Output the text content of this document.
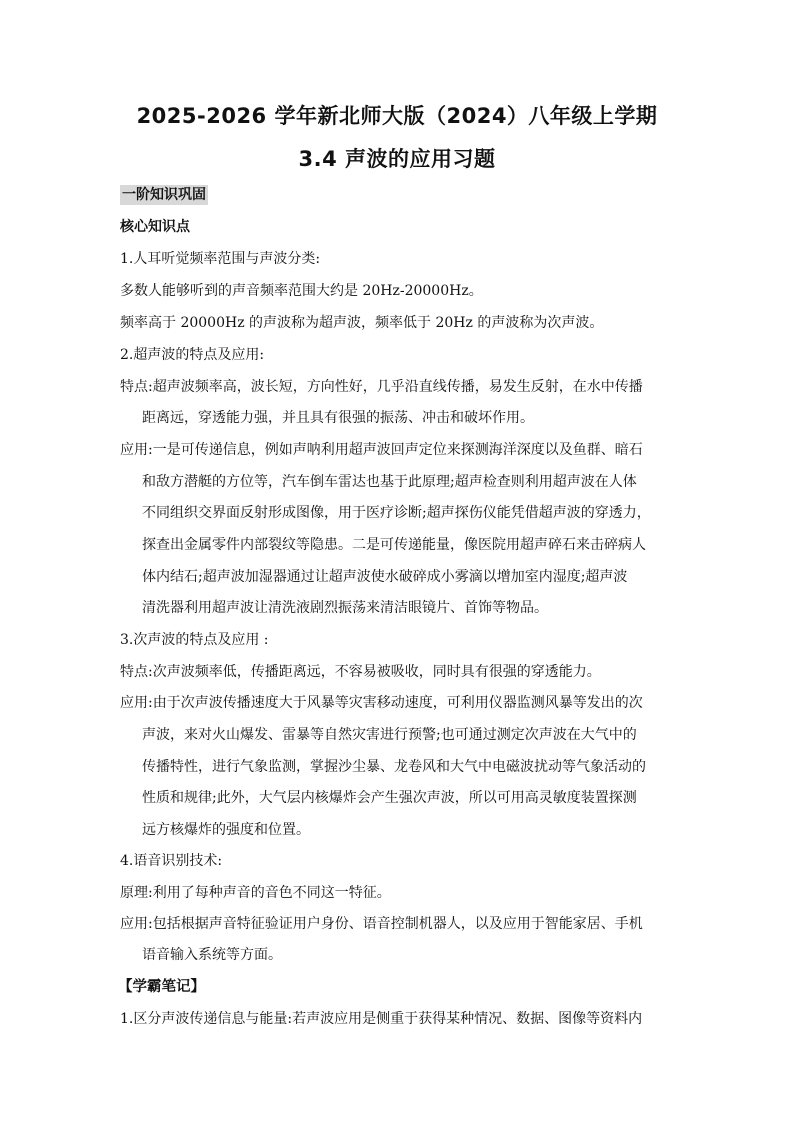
2025-2026 学年新北师大版（2024）八年级上学期
3.4 声波的应用习题
一阶知识巩固
核心知识点
1.人耳听觉频率范围与声波分类:
多数人能够听到的声音频率范围大约是 20Hz-20000Hz。
频率高于 20000Hz 的声波称为超声波，频率低于 20Hz 的声波称为次声波。
2.超声波的特点及应用:
特点:超声波频率高，波长短，方向性好，几乎沿直线传播，易发生反射，在水中传播
距离远，穿透能力强，并且具有很强的振荡、冲击和破坏作用。
应用:一是可传递信息，例如声呐利用超声波回声定位来探测海洋深度以及鱼群、暗石
和敌方潜艇的方位等，汽车倒车雷达也基于此原理;超声检查则利用超声波在人体
不同组织交界面反射形成图像，用于医疗诊断;超声探伤仪能凭借超声波的穿透力，
探查出金属零件内部裂纹等隐患。二是可传递能量，像医院用超声碎石来击碎病人
体内结石;超声波加湿器通过让超声波使水破碎成小雾滴以增加室内湿度;超声波
清洗器利用超声波让清洗液剧烈振荡来清洁眼镜片、首饰等物品。
3.次声波的特点及应用 :
特点:次声波频率低，传播距离远，不容易被吸收，同时具有很强的穿透能力。
应用:由于次声波传播速度大于风暴等灾害移动速度，可利用仪器监测风暴等发出的次
声波，来对火山爆发、雷暴等自然灾害进行预警;也可通过测定次声波在大气中的
传播特性，进行气象监测，掌握沙尘暴、龙卷风和大气中电磁波扰动等气象活动的
性质和规律;此外，大气层内核爆炸会产生强次声波，所以可用高灵敏度装置探测
远方核爆炸的强度和位置。
4.语音识别技术:
原理:利用了每种声音的音色不同这一特征。
应用:包括根据声音特征验证用户身份、语音控制机器人，以及应用于智能家居、手机
语音输入系统等方面。
【学霸笔记】
1.区分声波传递信息与能量:若声波应用是侧重于获得某种情况、数据、图像等资料内
